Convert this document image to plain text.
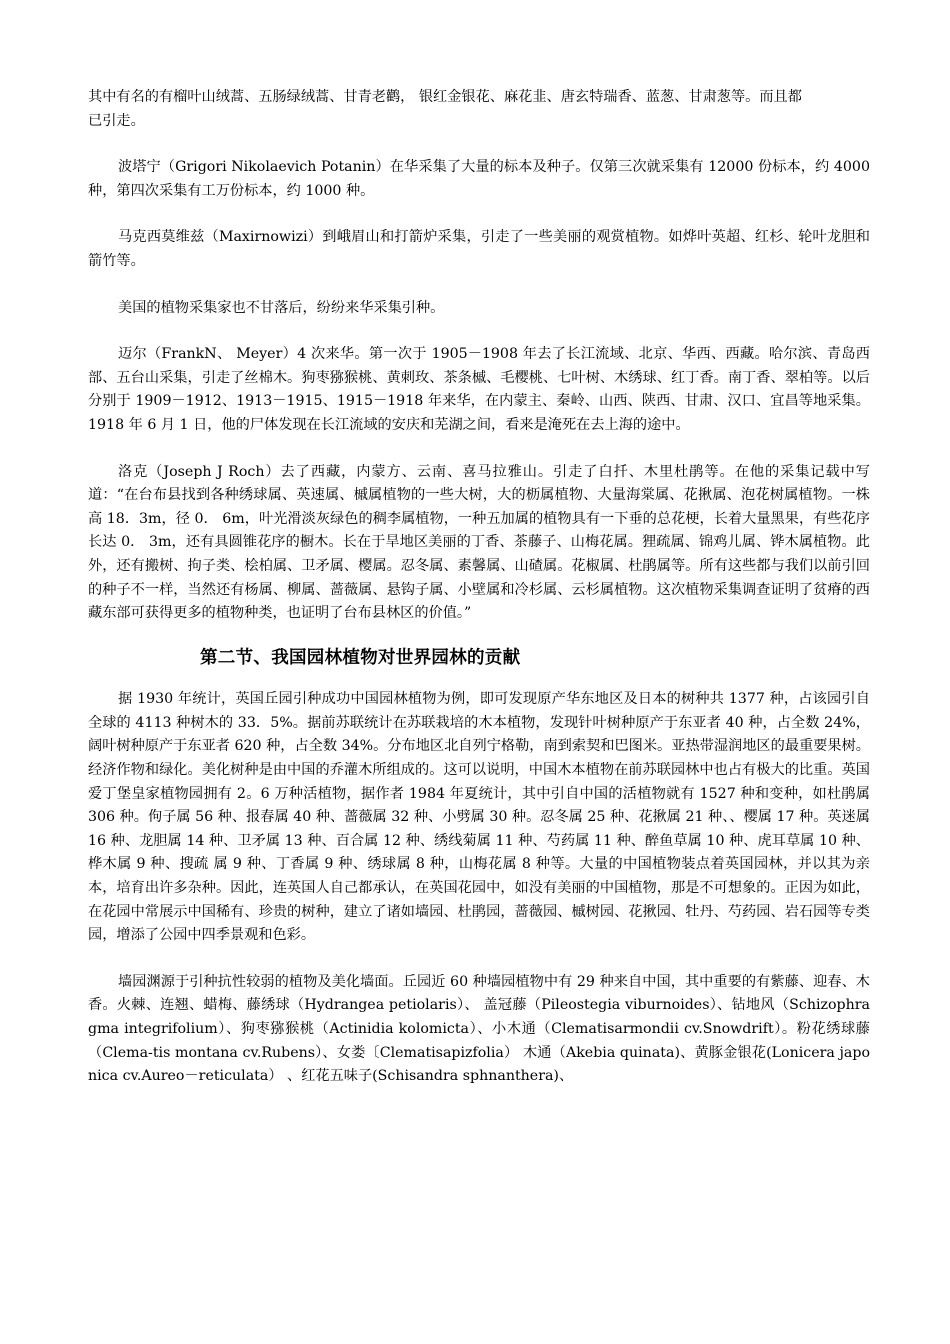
其中有名的有榴叶山绒蒿、五肠绿绒蒿、甘青老鹳， 银红金银花、麻花韭、唐玄特瑞香、蓝葱、甘肃葱等。而且都
已引走。

波塔宁（Grigori Nikolaevich Potanin）在华采集了大量的标本及种子。仅第三次就采集有 12000 份标本，约 4000 种，第四次采集有工万份标本，约 1000 种。

马克西莫维兹（Maxirnowizi）到峨眉山和打箭炉采集，引走了一些美丽的观赏植物。如烨叶英超、红杉、轮叶龙胆和箭竹等。

美国的植物采集家也不甘落后，纷纷来华采集引种。

迈尔（FrankN、 Meyer）4 次来华。第一次于 1905－1908 年去了长江流域、北京、华西、西藏。哈尔滨、青岛西部、五台山采集，引走了丝棉木。狗枣猕猴桃、黄刺玫、茶条槭、毛樱桃、七叶树、木绣球、红丁香。南丁香、翠柏等。以后分别于 1909－1912、1913－1915、1915－1918 年来华，在内蒙主、秦岭、山西、陕西、甘肃、汉口、宜昌等地采集。 1918 年 6 月 1 日，他的尸体发现在长江流域的安庆和芜湖之间，看来是淹死在去上海的途中。

洛克（Joseph J Roch）去了西藏，内蒙方、云南、喜马拉雅山。引走了白扦、木里杜鹃等。在他的采集记载中写道：“在台布县找到各种绣球属、英速属、槭属植物的一些大树，大的枥属植物、大量海棠属、花揪属、泡花树属植物。一株高 18．3m，径 0． 6m，叶光滑淡灰绿色的稠李属植物，一种五加属的植物具有一下垂的总花梗，长着大量黑果，有些花序长达 0． 3m，还有具圆锥花序的橱木。长在于旱地区美丽的丁香、茶藤子、山梅花属。狸疏属、锦鸡儿属、铧木属植物。此外，还有搬树、拘子类、桧柏属、卫矛属、樱属。忍冬属、素馨属、山碴属。花椒属、杜鹃属等。所有这些都与我们以前引回的种子不一样，当然还有杨属、柳属、蔷薇属、悬钩子属、小壁属和冷杉属、云杉属植物。这次植物采集调查证明了贫瘠的西藏东部可获得更多的植物种类，也证明了台布县林区的价值。”

第二节、我国园林植物对世界园林的贡献

据 1930 年统计，英国丘园引种成功中国园林植物为例，即可发现原产华东地区及日本的树种共 1377 种，占该园引自全球的 4113 种树木的 33．5%。据前苏联统计在苏联栽培的木本植物，发现针叶树种原产于东亚者 40 种，占全数 24%，阔叶树种原产于东亚者 620 种，占全数 34%。分布地区北自列宁格勒，南到索契和巴图米。亚热带湿润地区的最重要果树。经济作物和绿化。美化树种是由中国的乔灌木所组成的。这可以说明，中国木本植物在前苏联园林中也占有极大的比重。英国爱丁堡皇家植物园拥有 2。6 万种活植物，据作者 1984 年夏统计，其中引自中国的活植物就有 1527 种和变种，如杜鹃属 306 种。佝子属 56 种、报春属 40 种、蔷薇属 32 种、小劈属 30 种。忍冬属 25 种、花揪属 21 种、、樱属 17 种。英迷属 16 种、龙胆属 14 种、卫矛属 13 种、百合属 12 种、绣线菊属 11 种、芍药属 11 种、醉鱼草属 10 种、虎耳草属 10 种、桦木属 9 种、搜疏 属 9 种、丁香属 9 种、绣球属 8 种，山梅花属 8 种等。大量的中国植物装点着英国园林，并以其为亲本，培育出许多杂种。因此，连英国人自己都承认，在英国花园中，如没有美丽的中国植物，那是不可想象的。正因为如此，在花园中常展示中国稀有、珍贵的树种，建立了诸如墙园、杜鹃园，蔷薇园、槭树园、花揪园、牡丹、芍药园、岩石园等专类园，增添了公园中四季景观和色彩。

墙园渊源于引种抗性较弱的植物及美化墙面。丘园近 60 种墙园植物中有 29 种来自中国，其中重要的有紫藤、迎春、木香。火棘、连翘、蜡梅、藤绣球（Hydrangea petiolaris）、 盖冠藤（Pileostegia viburnoides）、钻地风（Schizophragma integrifolium）、狗枣猕猴桃（Actinidia kolomicta）、小木通（Clematisarmondii cv.Snowdrift）。粉花绣球藤 （Clema-tis montana cv.Rubens）、女娄〔Clematisapizfolia） 木通（Akebia quinata)、黄豚金银花(Lonicera japonica cv.Aureo－reticulata） 、红花五味子(Schisandra sphnanthera)、
